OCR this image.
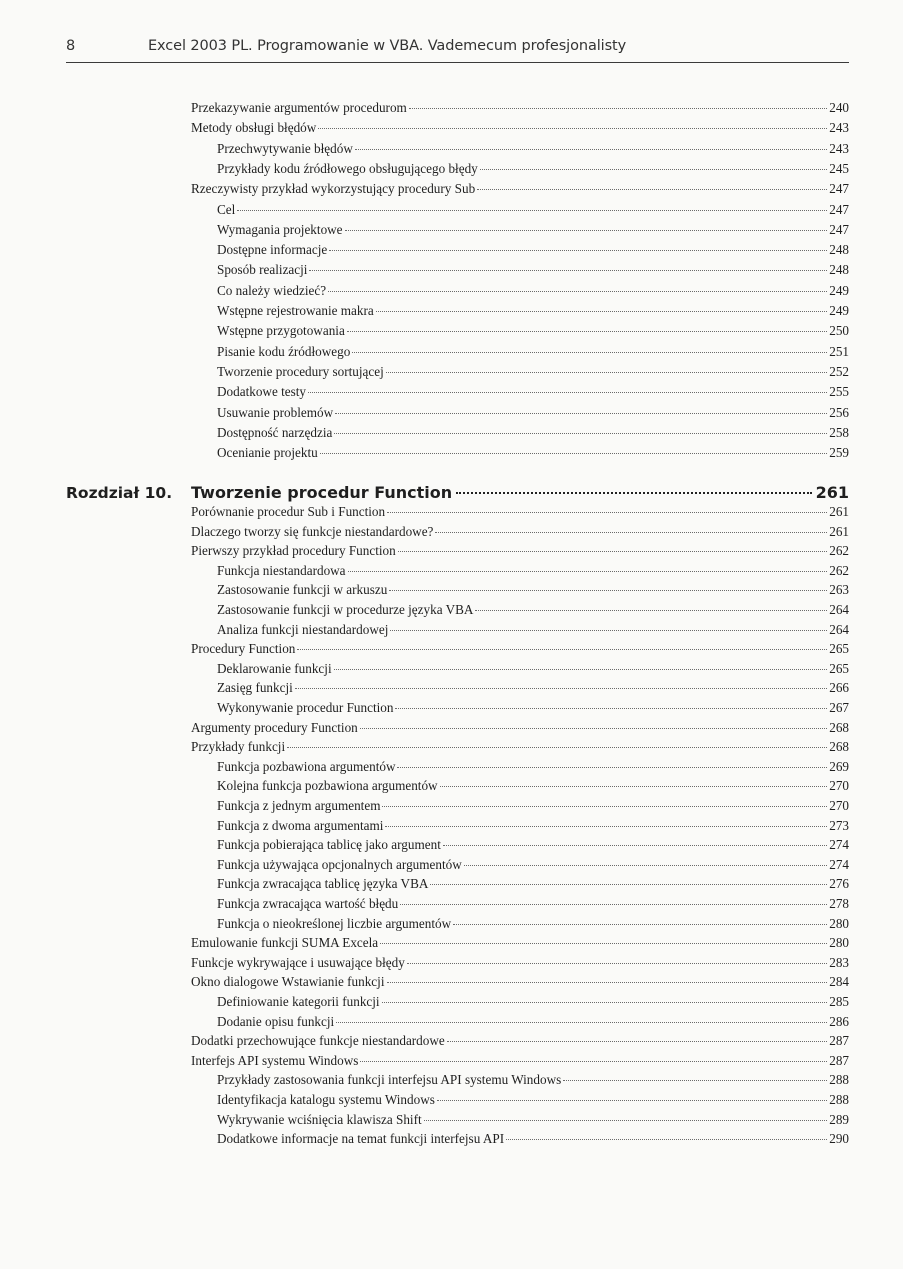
8	Excel 2003 PL. Programowanie w VBA. Vademecum profesjonalisty
Przekazywanie argumentów procedurom	240
Metody obsługi błędów	243
Przechwytywanie błędów	243
Przykłady kodu źródłowego obsługującego błędy	245
Rzeczywisty przykład wykorzystujący procedury Sub	247
Cel	247
Wymagania projektowe	247
Dostępne informacje	248
Sposób realizacji	248
Co należy wiedzieć?	249
Wstępne rejestrowanie makra	249
Wstępne przygotowania	250
Pisanie kodu źródłowego	251
Tworzenie procedury sortującej	252
Dodatkowe testy	255
Usuwanie problemów	256
Dostępność narzędzia	258
Ocenianie projektu	259
Rozdział 10. Tworzenie procedur Function	261
Porównanie procedur Sub i Function	261
Dlaczego tworzy się funkcje niestandardowe?	261
Pierwszy przykład procedury Function	262
Funkcja niestandardowa	262
Zastosowanie funkcji w arkuszu	263
Zastosowanie funkcji w procedurze języka VBA	264
Analiza funkcji niestandardowej	264
Procedury Function	265
Deklarowanie funkcji	265
Zasięg funkcji	266
Wykonywanie procedur Function	267
Argumenty procedury Function	268
Przykłady funkcji	268
Funkcja pozbawiona argumentów	269
Kolejna funkcja pozbawiona argumentów	270
Funkcja z jednym argumentem	270
Funkcja z dwoma argumentami	273
Funkcja pobierająca tablicę jako argument	274
Funkcja używająca opcjonalnych argumentów	274
Funkcja zwracająca tablicę języka VBA	276
Funkcja zwracająca wartość błędu	278
Funkcja o nieokreślonej liczbie argumentów	280
Emulowanie funkcji SUMA Excela	280
Funkcje wykrywające i usuwające błędy	283
Okno dialogowe Wstawianie funkcji	284
Definiowanie kategorii funkcji	285
Dodanie opisu funkcji	286
Dodatki przechowujące funkcje niestandardowe	287
Interfejs API systemu Windows	287
Przykłady zastosowania funkcji interfejsu API systemu Windows	288
Identyfikacja katalogu systemu Windows	288
Wykrywanie wciśnięcia klawisza Shift	289
Dodatkowe informacje na temat funkcji interfejsu API	290
